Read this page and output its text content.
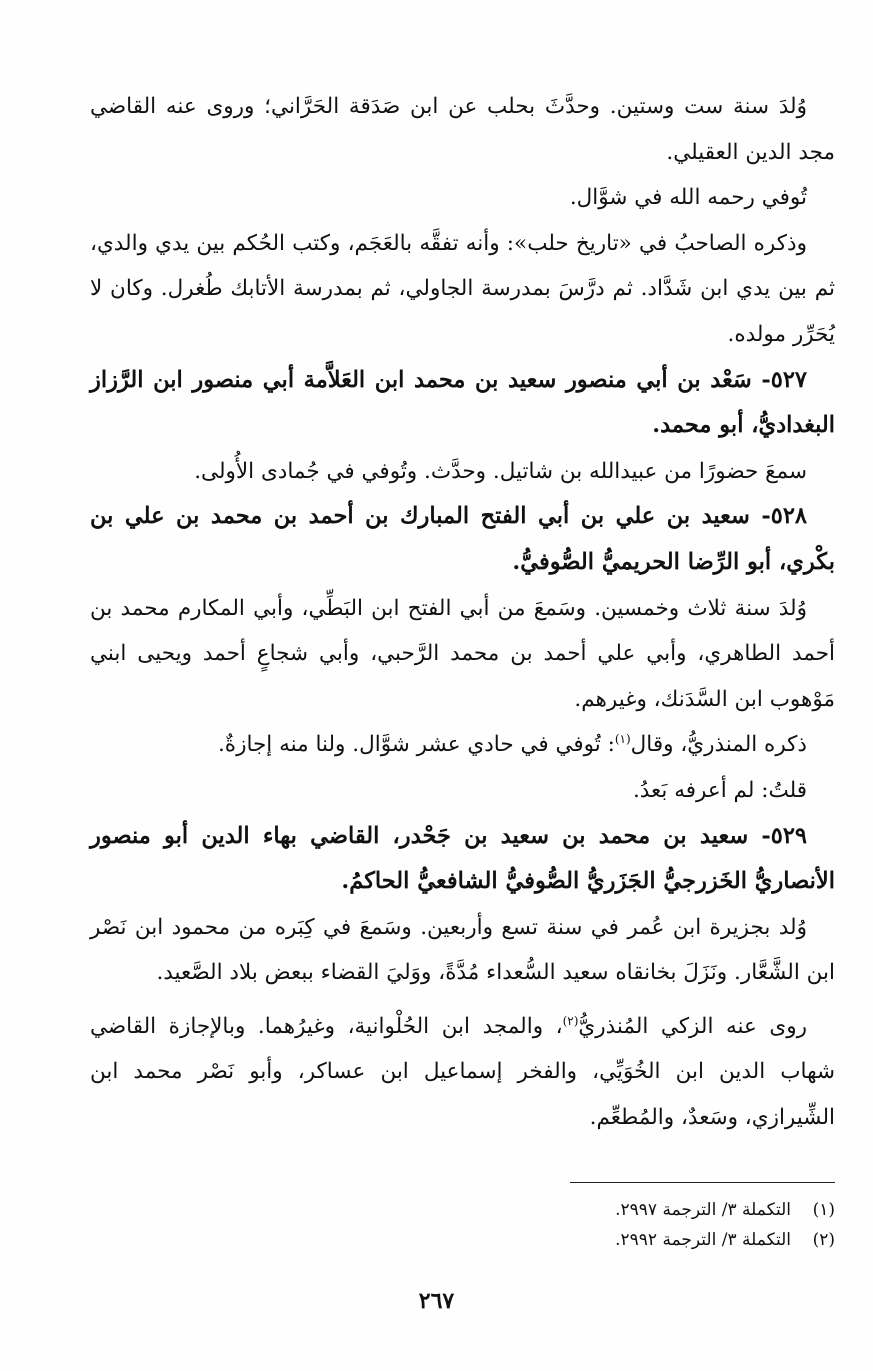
وُلدَ سنة ست وستين. وحدَّثَ بحلب عن ابن صَدَقة الحَرَّاني؛ وروى عنه القاضي مجد الدين العقيلي.

تُوفي رحمه الله في شوَّال.

وذكره الصاحبُ في «تاريخ حلب»: وأنه تفقَّه بالعَجَم، وكتب الحُكم بين يدي والدي، ثم بين يدي ابن شَدَّاد. ثم درَّسَ بمدرسة الجاولي، ثم بمدرسة الأتابك طُغرل. وكان لا يُحَرِّر مولده.

٥٢٧- سَعْد بن أبي منصور سعيد بن محمد ابن العَلاَّمة أبي منصور ابن الرَّزاز البغداديُّ، أبو محمد.

سمعَ حضورًا من عبيدالله بن شاتيل. وحدَّث. وتُوفي في جُمادى الأُولى.

٥٢٨- سعيد بن علي بن أبي الفتح المبارك بن أحمد بن محمد بن علي بن بكْري، أبو الرِّضا الحريميُّ الصُّوفيُّ.

وُلدَ سنة ثلاث وخمسين. وسَمعَ من أبي الفتح ابن البَطِّي، وأبي المكارم محمد بن أحمد الطاهري، وأبي علي أحمد بن محمد الرَّحبي، وأبي شجاعٍ أحمد ويحيى ابني مَوْهوب ابن السَّدَنك، وغيرهم.

ذكره المنذريُّ، وقال$^{(١)}$: تُوفي في حادي عشر شوَّال. ولنا منه إجازةٌ.

قلتُ: لم أعرفه بَعدُ.

٥٢٩- سعيد بن محمد بن سعيد بن جَحْدر، القاضي بهاء الدين أبو منصور الأنصاريُّ الخَزرجيُّ الجَزَريُّ الصُّوفيُّ الشافعيُّ الحاكمُ.

وُلد بجزيرة ابن عُمر في سنة تسع وأربعين. وسَمعَ في كِبَره من محمود ابن نَصْر ابن الشَّعَّار. ونَزَلَ بخانقاه سعيد السُّعداء مُدَّةً، ووَليَ القضاء ببعض بلاد الصَّعيد.

روى عنه الزكي المُنذريُّ$^{(٢)}$، والمجد ابن الحُلْوانية، وغيرُهما. وبالإجازة القاضي شهاب الدين ابن الخُوَيِّي، والفخر إسماعيل ابن عساكر، وأبو نَصْر محمد ابن الشِّيرازي، وسَعدٌ، والمُطعِّم.

(١)
التكملة ٣/ الترجمة ٢٩٩٧.
(٢)
التكملة ٣/ الترجمة ٢٩٩٢.
٢٦٧
